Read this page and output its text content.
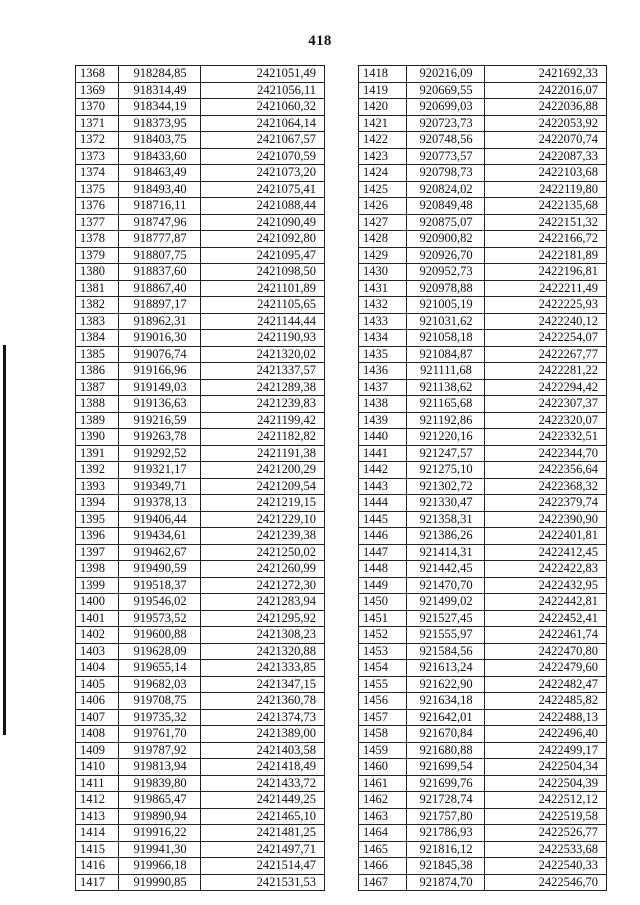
418
1368	918284,85	2421051,49
1369	918314,49	2421056,11
1370	918344,19	2421060,32
1371	918373,95	2421064,14
1372	918403,75	2421067,57
1373	918433,60	2421070,59
1374	918463,49	2421073,20
1375	918493,40	2421075,41
1376	918716,11	2421088,44
1377	918747,96	2421090,49
1378	918777,87	2421092,80
1379	918807,75	2421095,47
1380	918837,60	2421098,50
1381	918867,40	2421101,89
1382	918897,17	2421105,65
1383	918962,31	2421144,44
1384	919016,30	2421190,93
1385	919076,74	2421320,02
1386	919166,96	2421337,57
1387	919149,03	2421289,38
1388	919136,63	2421239,83
1389	919216,59	2421199,42
1390	919263,78	2421182,82
1391	919292,52	2421191,38
1392	919321,17	2421200,29
1393	919349,71	2421209,54
1394	919378,13	2421219,15
1395	919406,44	2421229,10
1396	919434,61	2421239,38
1397	919462,67	2421250,02
1398	919490,59	2421260,99
1399	919518,37	2421272,30
1400	919546,02	2421283,94
1401	919573,52	2421295,92
1402	919600,88	2421308,23
1403	919628,09	2421320,88
1404	919655,14	2421333,85
1405	919682,03	2421347,15
1406	919708,75	2421360,78
1407	919735,32	2421374,73
1408	919761,70	2421389,00
1409	919787,92	2421403,58
1410	919813,94	2421418,49
1411	919839,80	2421433,72
1412	919865,47	2421449,25
1413	919890,94	2421465,10
1414	919916,22	2421481,25
1415	919941,30	2421497,71
1416	919966,18	2421514,47
1417	919990,85	2421531,53
1418	920216,09	2421692,33
1419	920669,55	2422016,07
1420	920699,03	2422036,88
1421	920723,73	2422053,92
1422	920748,56	2422070,74
1423	920773,57	2422087,33
1424	920798,73	2422103,68
1425	920824,02	2422119,80
1426	920849,48	2422135,68
1427	920875,07	2422151,32
1428	920900,82	2422166,72
1429	920926,70	2422181,89
1430	920952,73	2422196,81
1431	920978,88	2422211,49
1432	921005,19	2422225,93
1433	921031,62	2422240,12
1434	921058,18	2422254,07
1435	921084,87	2422267,77
1436	921111,68	2422281,22
1437	921138,62	2422294,42
1438	921165,68	2422307,37
1439	921192,86	2422320,07
1440	921220,16	2422332,51
1441	921247,57	2422344,70
1442	921275,10	2422356,64
1443	921302,72	2422368,32
1444	921330,47	2422379,74
1445	921358,31	2422390,90
1446	921386,26	2422401,81
1447	921414,31	2422412,45
1448	921442,45	2422422,83
1449	921470,70	2422432,95
1450	921499,02	2422442,81
1451	921527,45	2422452,41
1452	921555,97	2422461,74
1453	921584,56	2422470,80
1454	921613,24	2422479,60
1455	921622,90	2422482,47
1456	921634,18	2422485,82
1457	921642,01	2422488,13
1458	921670,84	2422496,40
1459	921680,88	2422499,17
1460	921699,54	2422504,34
1461	921699,76	2422504,39
1462	921728,74	2422512,12
1463	921757,80	2422519,58
1464	921786,93	2422526,77
1465	921816,12	2422533,68
1466	921845,38	2422540,33
1467	921874,70	2422546,70
